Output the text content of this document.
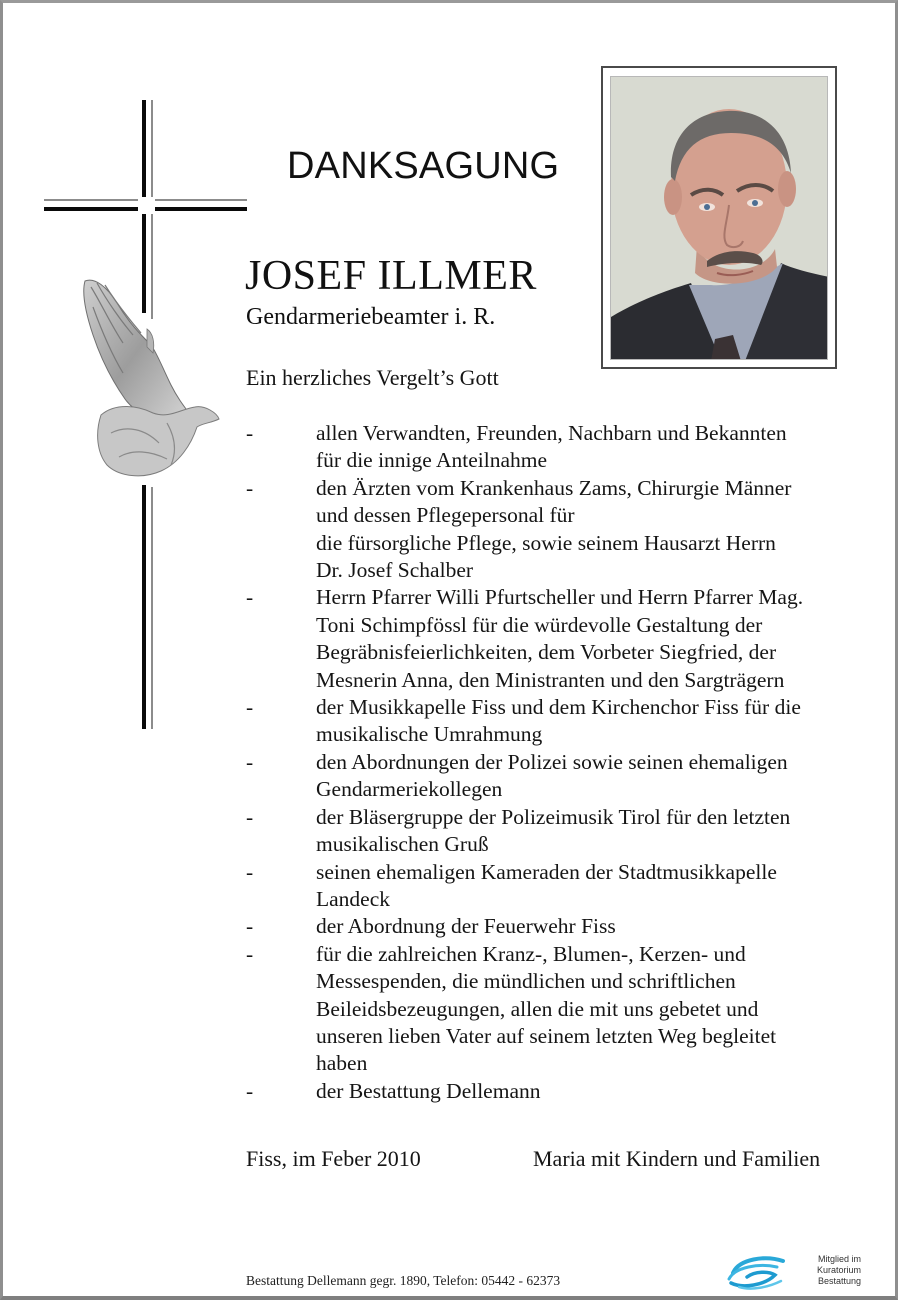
DANKSAGUNG
JOSEF ILLMER
Gendarmeriebeamter i. R.
Ein herzliches Vergelt’s Gott
-	allen Verwandten, Freunden, Nachbarn und Bekannten
für die innige Anteilnahme
-	den Ärzten vom Krankenhaus Zams, Chirurgie Männer
und dessen Pflegepersonal für
die fürsorgliche Pflege, sowie seinem Hausarzt Herrn
Dr. Josef Schalber
-	Herrn Pfarrer Willi Pfurtscheller und Herrn Pfarrer Mag.
Toni Schimpfössl für die würdevolle Gestaltung der
Begräbnisfeierlichkeiten, dem Vorbeter Siegfried, der
Mesnerin Anna, den Ministranten und den Sargträgern
-	der Musikkapelle Fiss und dem Kirchenchor Fiss für die
musikalische Umrahmung
-	den Abordnungen der Polizei sowie seinen ehemaligen
Gendarmeriekollegen
-	der Bläsergruppe der Polizeimusik Tirol für den letzten
musikalischen Gruß
-	seinen ehemaligen Kameraden der Stadtmusikkapelle
Landeck
-	der Abordnung der Feuerwehr Fiss
-	für die zahlreichen Kranz-, Blumen-, Kerzen- und
Messespenden, die mündlichen und schriftlichen
Beileidsbezeugungen, allen die mit uns gebetet und
unseren lieben Vater auf seinem letzten Weg begleitet
haben
-	der Bestattung Dellemann
Fiss, im Feber 2010	Maria mit Kindern und Familien
Bestattung Dellemann gegr. 1890, Telefon: 05442 - 62373
Mitglied im
Kuratorium Bestattung
